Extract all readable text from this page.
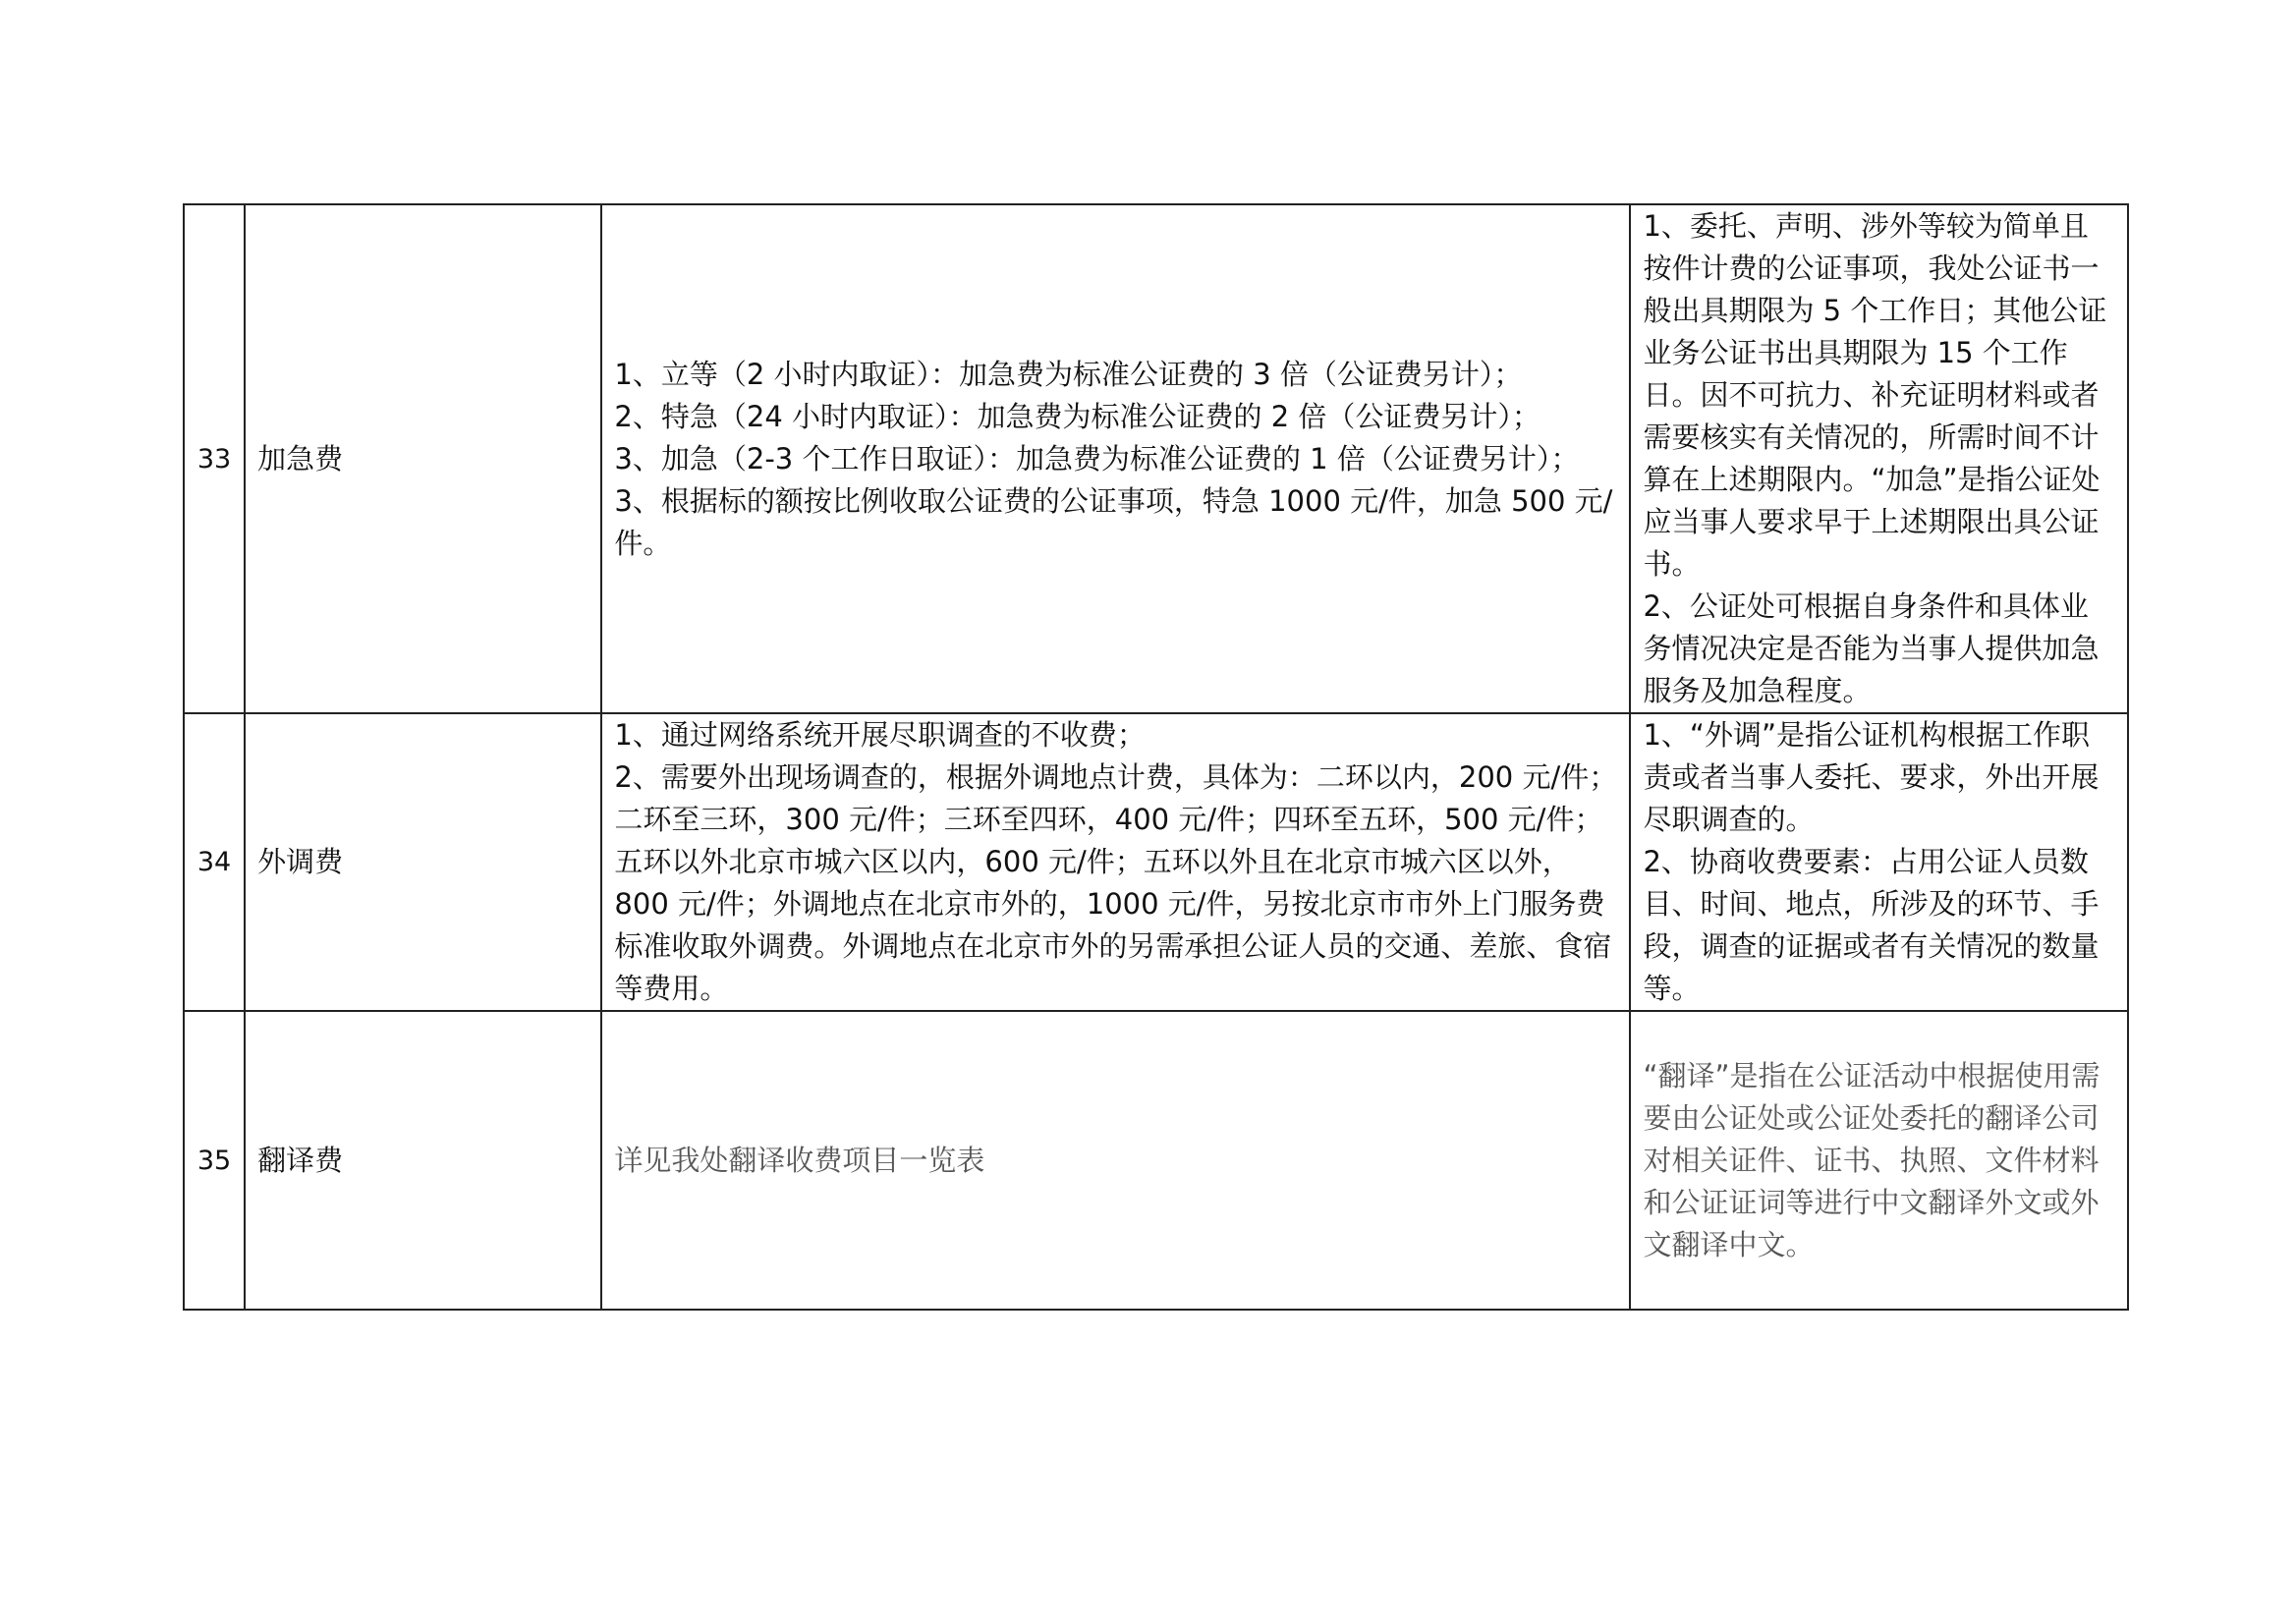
33	加急费	1、立等（2 小时内取证）：加急费为标准公证费的 3 倍（公证费另计）；
2、特急（24 小时内取证）：加急费为标准公证费的 2 倍（公证费另计）；
3、加急（2-3 个工作日取证）：加急费为标准公证费的 1 倍（公证费另计）；
3、根据标的额按比例收取公证费的公证事项，特急 1000 元/件，加急 500 元/件。	1、委托、声明、涉外等较为简单且按件计费的公证事项，我处公证书一般出具期限为 5 个工作日；其他公证业务公证书出具期限为 15 个工作日。因不可抗力、补充证明材料或者需要核实有关情况的，所需时间不计算在上述期限内。“加急”是指公证处应当事人要求早于上述期限出具公证书。
2、公证处可根据自身条件和具体业务情况决定是否能为当事人提供加急服务及加急程度。

34	外调费	1、通过网络系统开展尽职调查的不收费；
2、需要外出现场调查的，根据外调地点计费，具体为：二环以内，200 元/件；二环至三环，300 元/件；三环至四环，400 元/件；四环至五环，500 元/件；五环以外北京市城六区以内，600 元/件；五环以外且在北京市城六区以外，800 元/件；外调地点在北京市外的，1000 元/件，另按北京市市外上门服务费标准收取外调费。外调地点在北京市外的另需承担公证人员的交通、差旅、食宿等费用。	1、“外调”是指公证机构根据工作职责或者当事人委托、要求，外出开展尽职调查的。
2、协商收费要素：占用公证人员数目、时间、地点，所涉及的环节、手段，调查的证据或者有关情况的数量等。

35	翻译费	详见我处翻译收费项目一览表	“翻译”是指在公证活动中根据使用需要由公证处或公证处委托的翻译公司对相关证件、证书、执照、文件材料和公证证词等进行中文翻译外文或外文翻译中文。
